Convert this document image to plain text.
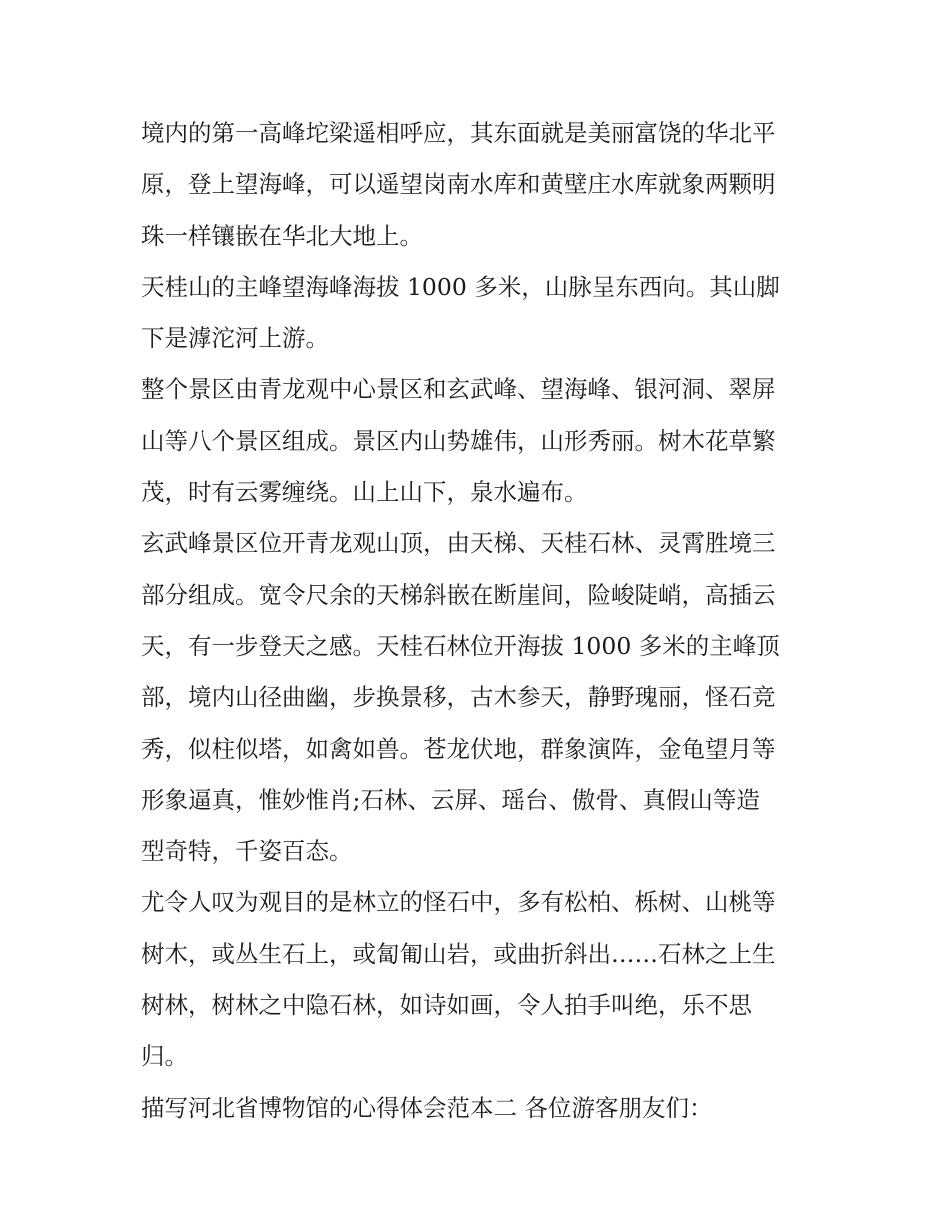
境内的第一高峰坨梁遥相呼应，其东面就是美丽富饶的华北平
原，登上望海峰，可以遥望岗南水库和黄壁庄水库就象两颗明
珠一样镶嵌在华北大地上。
天桂山的主峰望海峰海拔 1000 多米，山脉呈东西向。其山脚
下是滹沱河上游。
整个景区由青龙观中心景区和玄武峰、望海峰、银河洞、翠屏
山等八个景区组成。景区内山势雄伟，山形秀丽。树木花草繁
茂，时有云雾缠绕。山上山下，泉水遍布。
玄武峰景区位开青龙观山顶，由天梯、天桂石林、灵霄胜境三
部分组成。宽令尺余的天梯斜嵌在断崖间，险峻陡峭，高插云
天，有一步登天之感。天桂石林位开海拔 1000 多米的主峰顶
部，境内山径曲幽，步换景移，古木参天，静野瑰丽，怪石竞
秀，似柱似塔，如禽如兽。苍龙伏地，群象演阵，金龟望月等
形象逼真，惟妙惟肖;石林、云屏、瑶台、傲骨、真假山等造
型奇特，千姿百态。
尤令人叹为观目的是林立的怪石中，多有松柏、栎树、山桃等
树木，或丛生石上，或匐匍山岩，或曲折斜出……石林之上生
树林，树林之中隐石林，如诗如画，令人拍手叫绝，乐不思
归。
描写河北省博物馆的心得体会范本二 各位游客朋友们：
